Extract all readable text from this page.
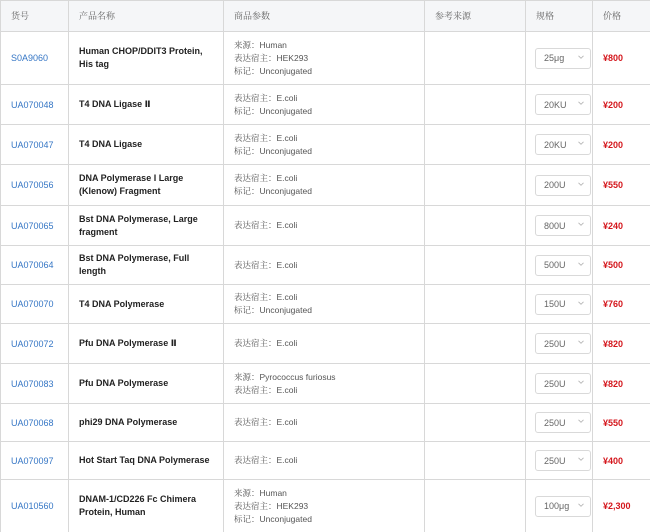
货号	产品名称	商品参数	参考来源	规格	价格
S0A9060	Human CHOP/DDIT3 Protein, His tag	来源：Human
表达宿主：HEK293
标记：Unconjugated		25μg	¥800
UA070048	T4 DNA Ligase Ⅱ	表达宿主：E.coli
标记：Unconjugated		20KU	¥200
UA070047	T4 DNA Ligase	表达宿主：E.coli
标记：Unconjugated		20KU	¥200
UA070056	DNA Polymerase I Large (Klenow) Fragment	表达宿主：E.coli
标记：Unconjugated		200U	¥550
UA070065	Bst DNA Polymerase, Large fragment	表达宿主：E.coli		800U	¥240
UA070064	Bst DNA Polymerase, Full length	表达宿主：E.coli		500U	¥500
UA070070	T4 DNA Polymerase	表达宿主：E.coli
标记：Unconjugated		150U	¥760
UA070072	Pfu DNA Polymerase Ⅱ	表达宿主：E.coli		250U	¥820
UA070083	Pfu DNA Polymerase	来源：Pyrococcus furiosus
表达宿主：E.coli		250U	¥820
UA070068	phi29 DNA Polymerase	表达宿主：E.coli		250U	¥550
UA070097	Hot Start Taq DNA Polymerase	表达宿主：E.coli		250U	¥400
UA010560	DNAM-1/CD226 Fc Chimera Protein, Human	来源：Human
表达宿主：HEK293
标记：Unconjugated		100μg	¥2,300
